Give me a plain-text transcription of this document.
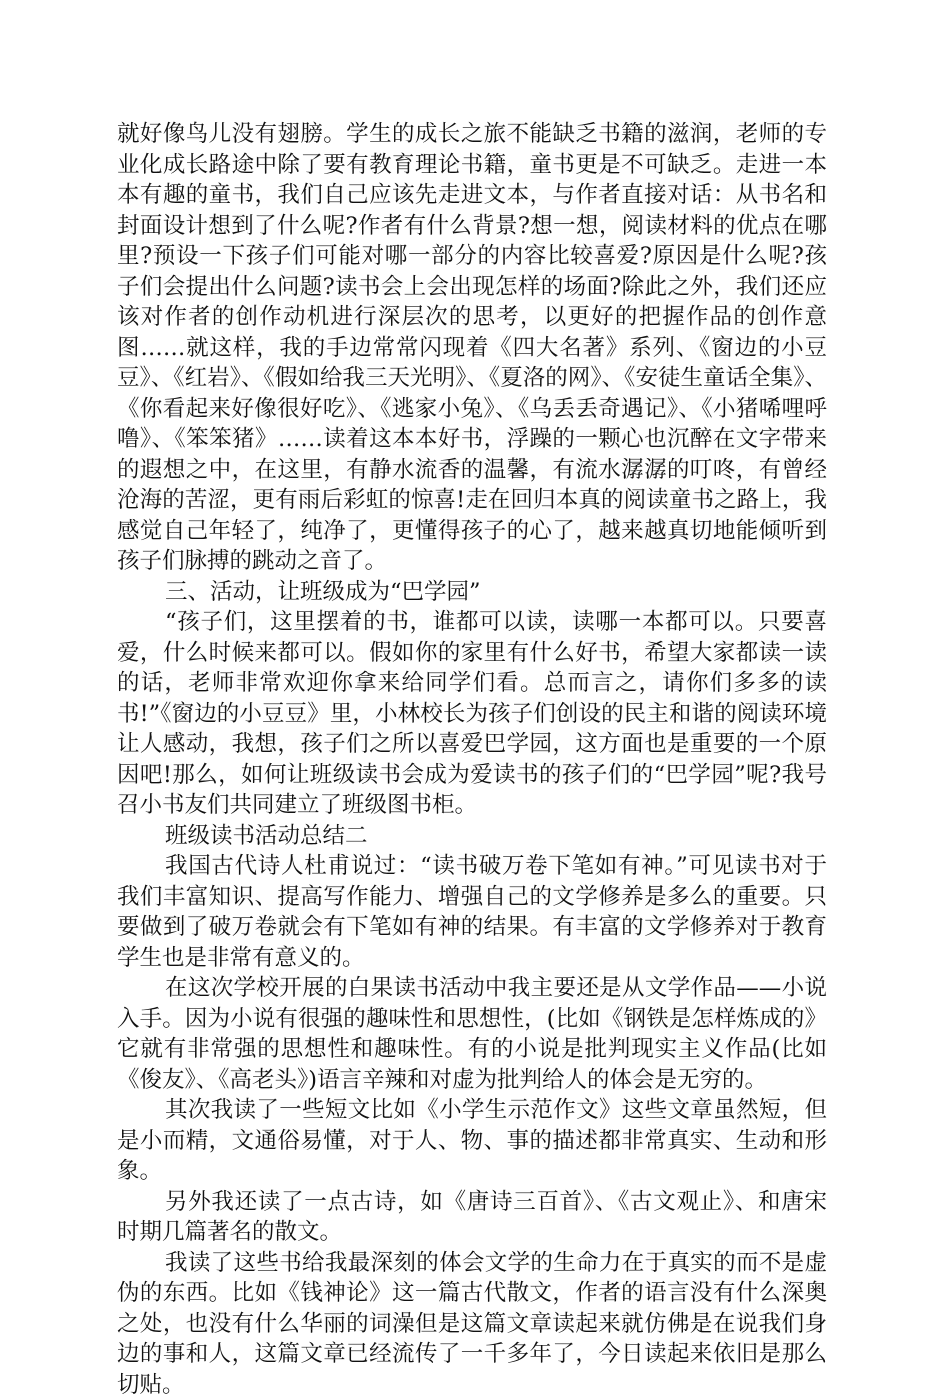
就好像鸟儿没有翅膀。学生的成长之旅不能缺乏书籍的滋润，老师的专业化成长路途中除了要有教育理论书籍，童书更是不可缺乏。走进一本本有趣的童书，我们自己应该先走进文本，与作者直接对话：从书名和封面设计想到了什么呢?作者有什么背景?想一想，阅读材料的优点在哪里?预设一下孩子们可能对哪一部分的内容比较喜爱?原因是什么呢?孩子们会提出什么问题?读书会上会出现怎样的场面?除此之外，我们还应该对作者的创作动机进行深层次的思考，以更好的把握作品的创作意图……就这样，我的手边常常闪现着《四大名著》系列、《窗边的小豆豆》、《红岩》、《假如给我三天光明》、《夏洛的网》、《安徒生童话全集》、《你看起来好像很好吃》、《逃家小兔》、《乌丢丢奇遇记》、《小猪唏哩呼噜》、《笨笨猪》……读着这本本好书，浮躁的一颗心也沉醉在文字带来的遐想之中，在这里，有静水流香的温馨，有流水潺潺的叮咚，有曾经沧海的苦涩，更有雨后彩虹的惊喜!走在回归本真的阅读童书之路上，我感觉自己年轻了，纯净了，更懂得孩子的心了，越来越真切地能倾听到孩子们脉搏的跳动之音了。

三、活动，让班级成为“巴学园”

“孩子们，这里摆着的书，谁都可以读，读哪一本都可以。只要喜爱，什么时候来都可以。假如你的家里有什么好书，希望大家都读一读的话，老师非常欢迎你拿来给同学们看。总而言之，请你们多多的读书!”《窗边的小豆豆》里，小林校长为孩子们创设的民主和谐的阅读环境让人感动，我想，孩子们之所以喜爱巴学园，这方面也是重要的一个原因吧!那么，如何让班级读书会成为爱读书的孩子们的“巴学园”呢?我号召小书友们共同建立了班级图书柜。

班级读书活动总结二

我国古代诗人杜甫说过：“读书破万卷下笔如有神。”可见读书对于我们丰富知识、提高写作能力、增强自己的文学修养是多么的重要。只要做到了破万卷就会有下笔如有神的结果。有丰富的文学修养对于教育学生也是非常有意义的。

在这次学校开展的白果读书活动中我主要还是从文学作品——小说入手。因为小说有很强的趣味性和思想性，(比如《钢铁是怎样炼成的》它就有非常强的思想性和趣味性。有的小说是批判现实主义作品(比如《俊友》、《高老头》)语言辛辣和对虚为批判给人的体会是无穷的。

其次我读了一些短文比如《小学生示范作文》这些文章虽然短，但是小而精，文通俗易懂，对于人、物、事的描述都非常真实、生动和形象。

另外我还读了一点古诗，如《唐诗三百首》、《古文观止》、和唐宋时期几篇著名的散文。

我读了这些书给我最深刻的体会文学的生命力在于真实的而不是虚伪的东西。比如《钱神论》这一篇古代散文，作者的语言没有什么深奥之处，也没有什么华丽的词澡但是这篇文章读起来就仿佛是在说我们身边的事和人，这篇文章已经流传了一千多年了，今日读起来依旧是那么切贴。
